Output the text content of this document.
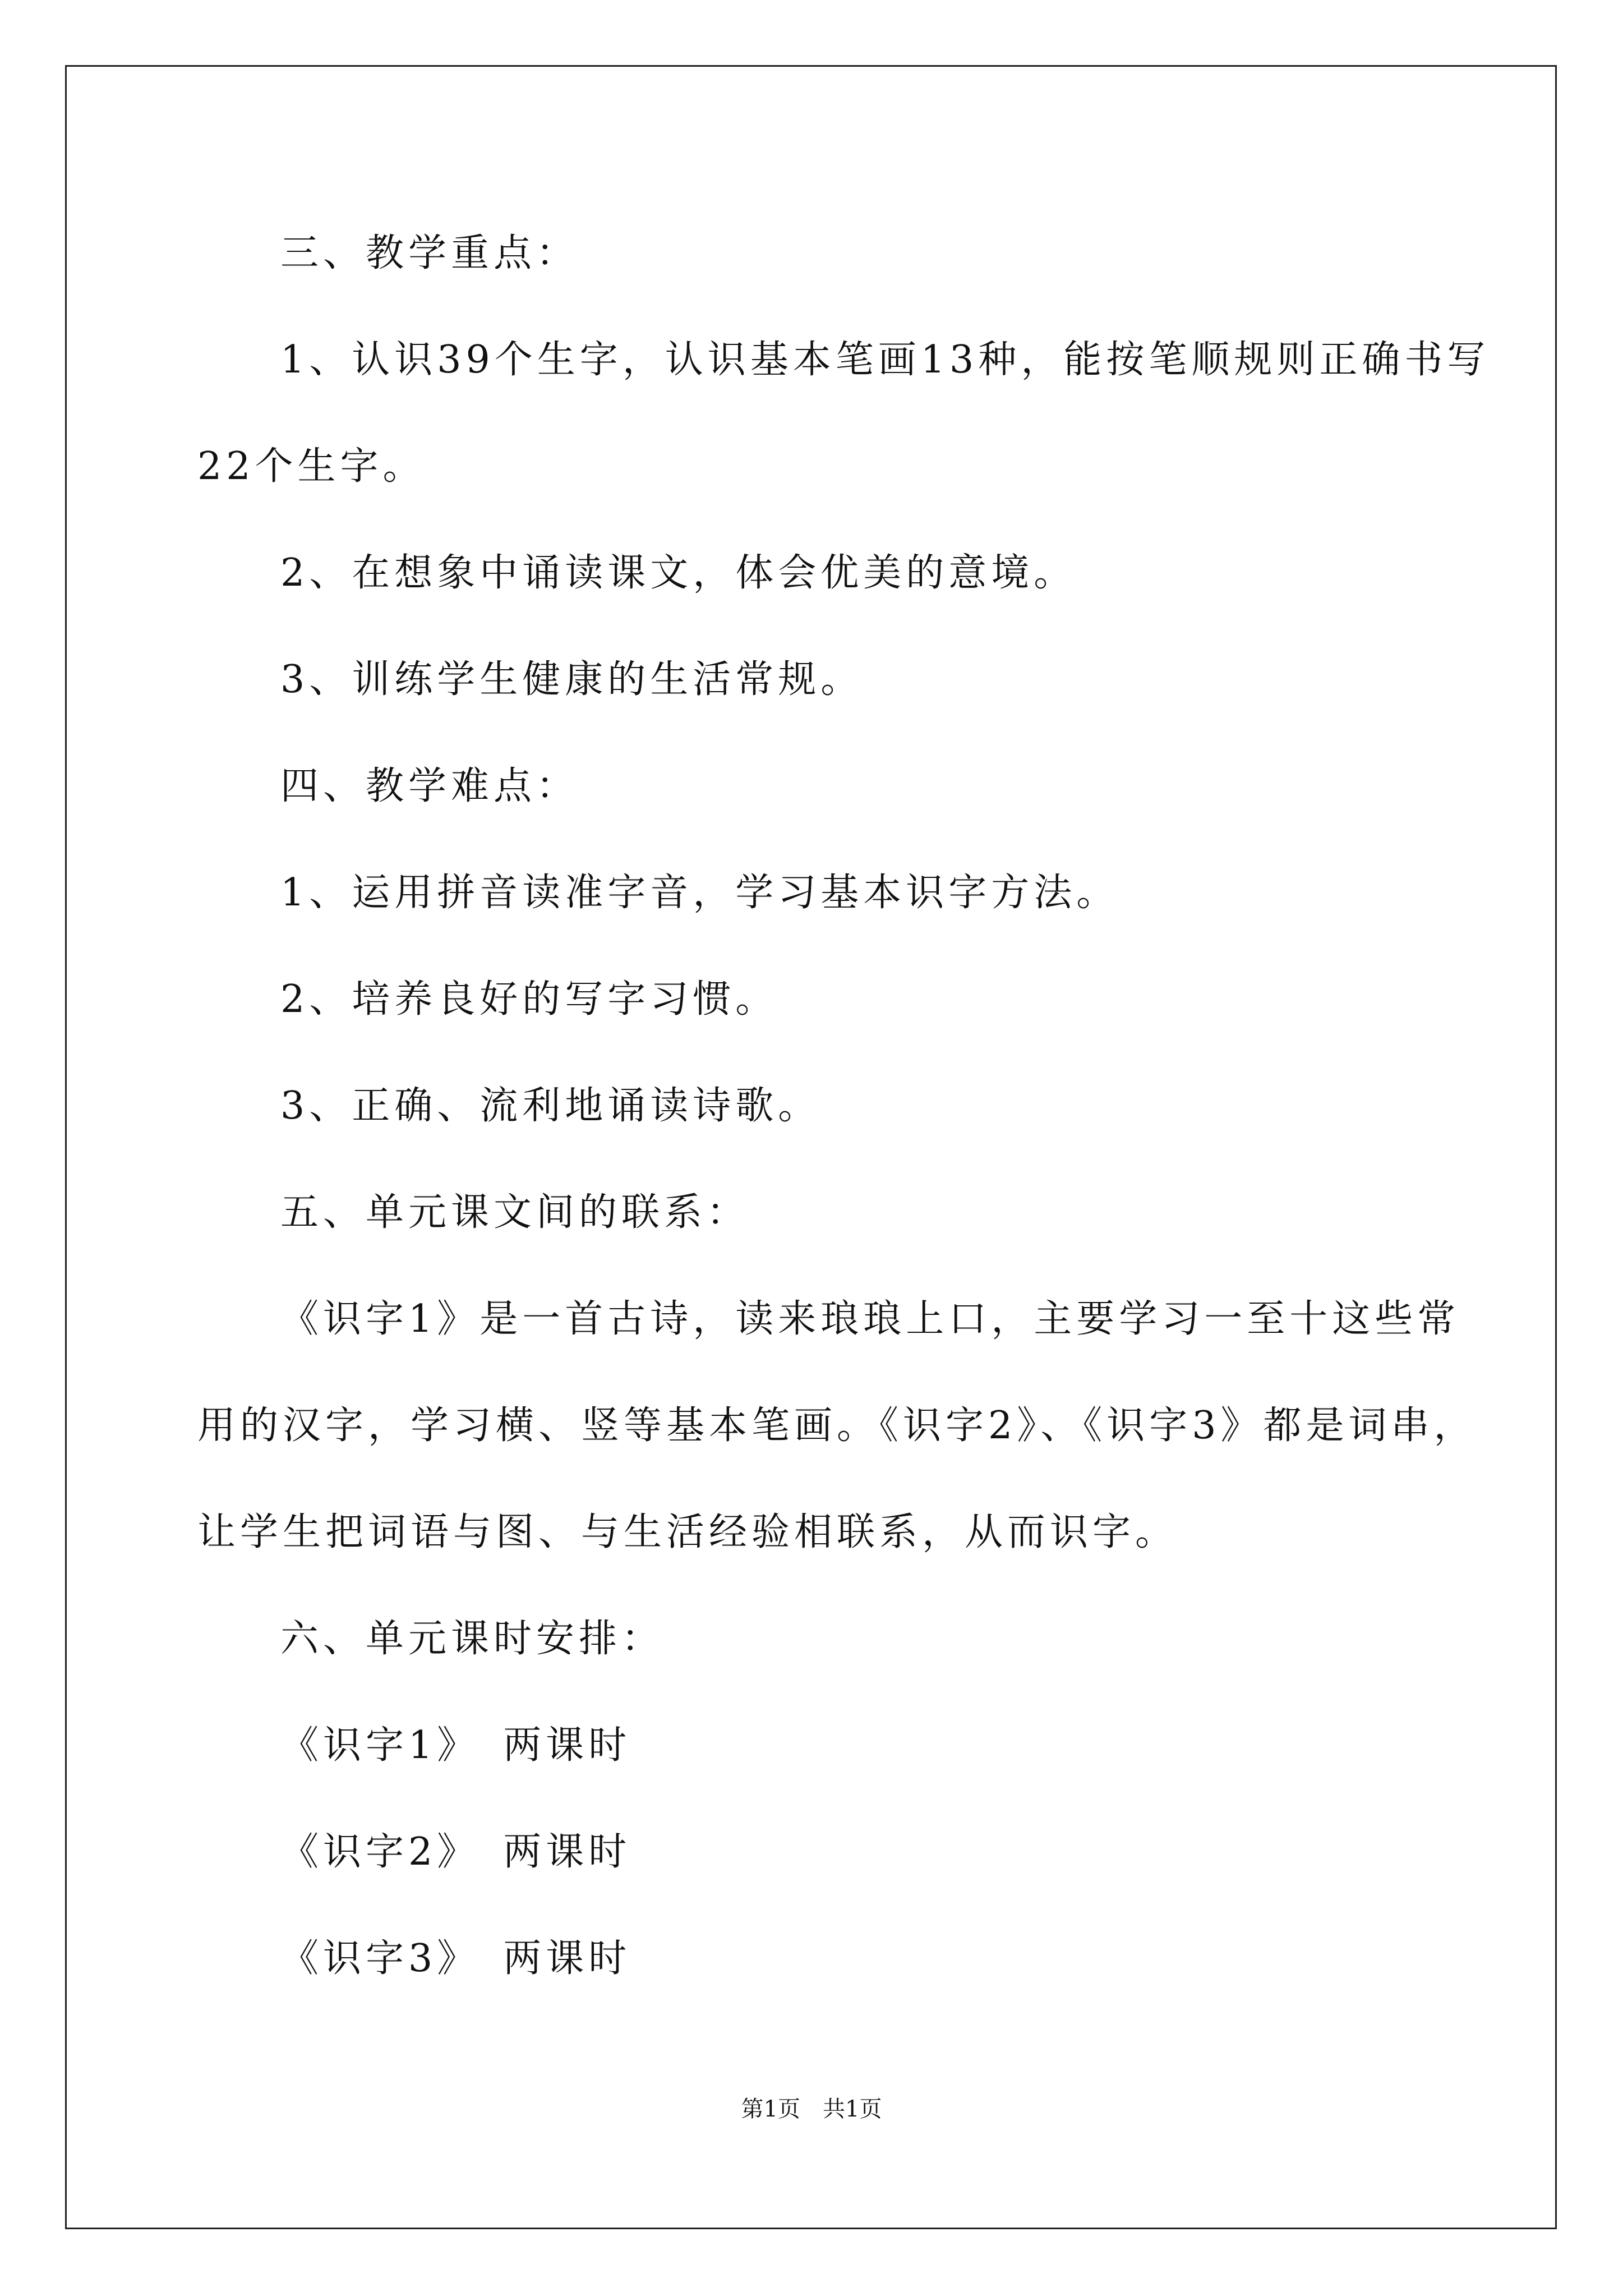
三、教学重点：

1、认识39个生字，认识基本笔画13种，能按笔顺规则正确书写

22个生字。

2、在想象中诵读课文，体会优美的意境。

3、训练学生健康的生活常规。

四、教学难点：

1、运用拼音读准字音，学习基本识字方法。

2、培养良好的写字习惯。

3、正确、流利地诵读诗歌。

五、单元课文间的联系：

《识字1》是一首古诗，读来琅琅上口，主要学习一至十这些常

用的汉字，学习横、竖等基本笔画。《识字2》、《识字3》都是词串，

让学生把词语与图、与生活经验相联系，从而识字。

六、单元课时安排：

《识字1》　两课时

《识字2》　两课时

《识字3》　两课时

第1页　共1页
